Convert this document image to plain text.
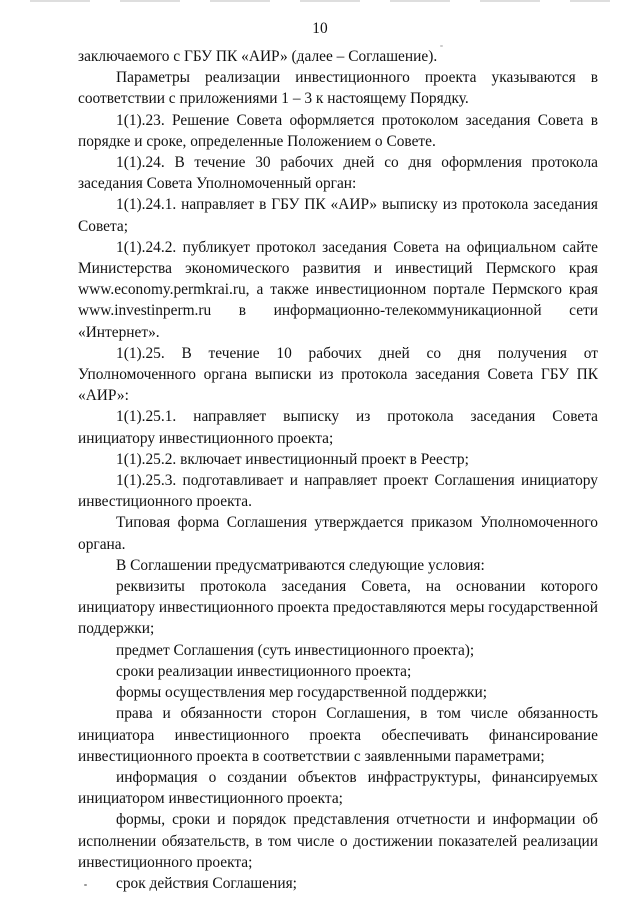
10

заключаемого с ГБУ ПК «АИР» (далее – Соглашение).

Параметры реализации инвестиционного проекта указываются в соответствии с приложениями 1 – 3 к настоящему Порядку.

1(1).23. Решение Совета оформляется протоколом заседания Совета в порядке и сроке, определенные Положением о Совете.

1(1).24. В течение 30 рабочих дней со дня оформления протокола заседания Совета Уполномоченный орган:

1(1).24.1. направляет в ГБУ ПК «АИР» выписку из протокола заседания Совета;

1(1).24.2. публикует протокол заседания Совета на официальном сайте Министерства экономического развития и инвестиций Пермского края www.economy.permkrai.ru, а также инвестиционном портале Пермского края www.investinperm.ru в информационно-телекоммуникационной сети «Интернет».

1(1).25. В течение 10 рабочих дней со дня получения от Уполномоченного органа выписки из протокола заседания Совета ГБУ ПК «АИР»:

1(1).25.1. направляет выписку из протокола заседания Совета инициатору инвестиционного проекта;

1(1).25.2. включает инвестиционный проект в Реестр;

1(1).25.3. подготавливает и направляет проект Соглашения инициатору инвестиционного проекта.

Типовая форма Соглашения утверждается приказом Уполномоченного органа.

В Соглашении предусматриваются следующие условия:

реквизиты протокола заседания Совета, на основании которого инициатору инвестиционного проекта предоставляются меры государственной поддержки;

предмет Соглашения (суть инвестиционного проекта);

сроки реализации инвестиционного проекта;

формы осуществления мер государственной поддержки;

права и обязанности сторон Соглашения, в том числе обязанность инициатора инвестиционного проекта обеспечивать финансирование инвестиционного проекта в соответствии с заявленными параметрами;

информация о создании объектов инфраструктуры, финансируемых инициатором инвестиционного проекта;

формы, сроки и порядок представления отчетности и информации об исполнении обязательств, в том числе о достижении показателей реализации инвестиционного проекта;

срок действия Соглашения;
